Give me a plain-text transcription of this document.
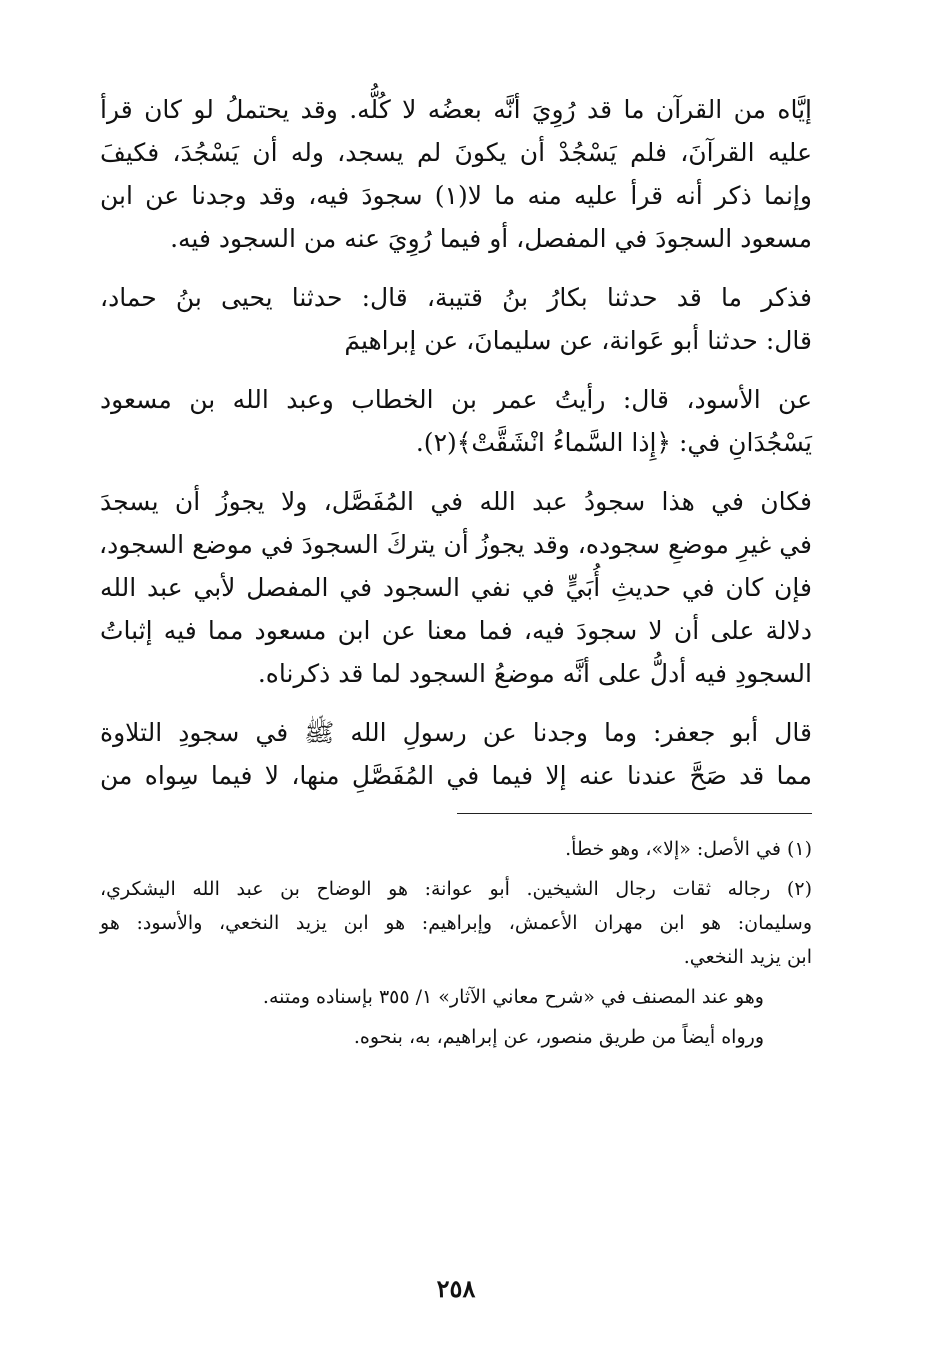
إيَّاه من القرآن ما قد رُوِيَ أنَّه بعضُه لا كُلُّه. وقد يحتملُ لو كان قرأ
عليه القرآنَ، فلم يَسْجُدْ أن يكونَ لم يسجد، وله أن يَسْجُدَ، فكيفَ
وإنما ذكر أنه قرأ عليه منه ما لا(١) سجودَ فيه، وقد وجدنا عن ابن
مسعود السجودَ في المفصل، أو فيما رُوِيَ عنه من السجود فيه.

فذكر ما قد حدثنا بكارُ بنُ قتيبة، قال: حدثنا يحيى بنُ حماد،
قال: حدثنا أبو عَوانة، عن سليمانَ، عن إبراهيمَ

عن الأسود، قال: رأيتُ عمر بن الخطاب وعبد الله بن مسعود
يَسْجُدَانِ في: ﴿إِذا السَّماءُ انْشَقَّتْ﴾(٢).

فكان في هذا سجودُ عبد الله في المُفَصَّل، ولا يجوزُ أن يسجدَ
في غيرِ موضعِ سجوده، وقد يجوزُ أن يتركَ السجودَ في موضع السجود،
فإن كان في حديثِ أُبَيٍّ في نفي السجود في المفصل لأبي عبد الله
دلالة على أن لا سجودَ فيه، فما معنا عن ابن مسعود مما فيه إثباتُ
السجودِ فيه أدلُّ على أنَّه موضعُ السجود لما قد ذكرناه.

قال أبو جعفر: وما وجدنا عن رسولِ الله ﷺ في سجودِ التلاوة
مما قد صَحَّ عندنا عنه إلا فيما في المُفَصَّلِ منها، لا فيما سِواه من

(١) في الأصل: «إلا»، وهو خطأ.
(٢) رجاله ثقات رجال الشيخين. أبو عوانة: هو الوضاح بن عبد الله اليشكري،
وسليمان: هو ابن مهران الأعمش، وإبراهيم: هو ابن يزيد النخعي، والأسود: هو
ابن يزيد النخعي.
وهو عند المصنف في «شرح معاني الآثار» ١/ ٣٥٥ بإسناده ومتنه.
ورواه أيضاً من طريق منصور، عن إبراهيم، به، بنحوه.
٢٥٨
